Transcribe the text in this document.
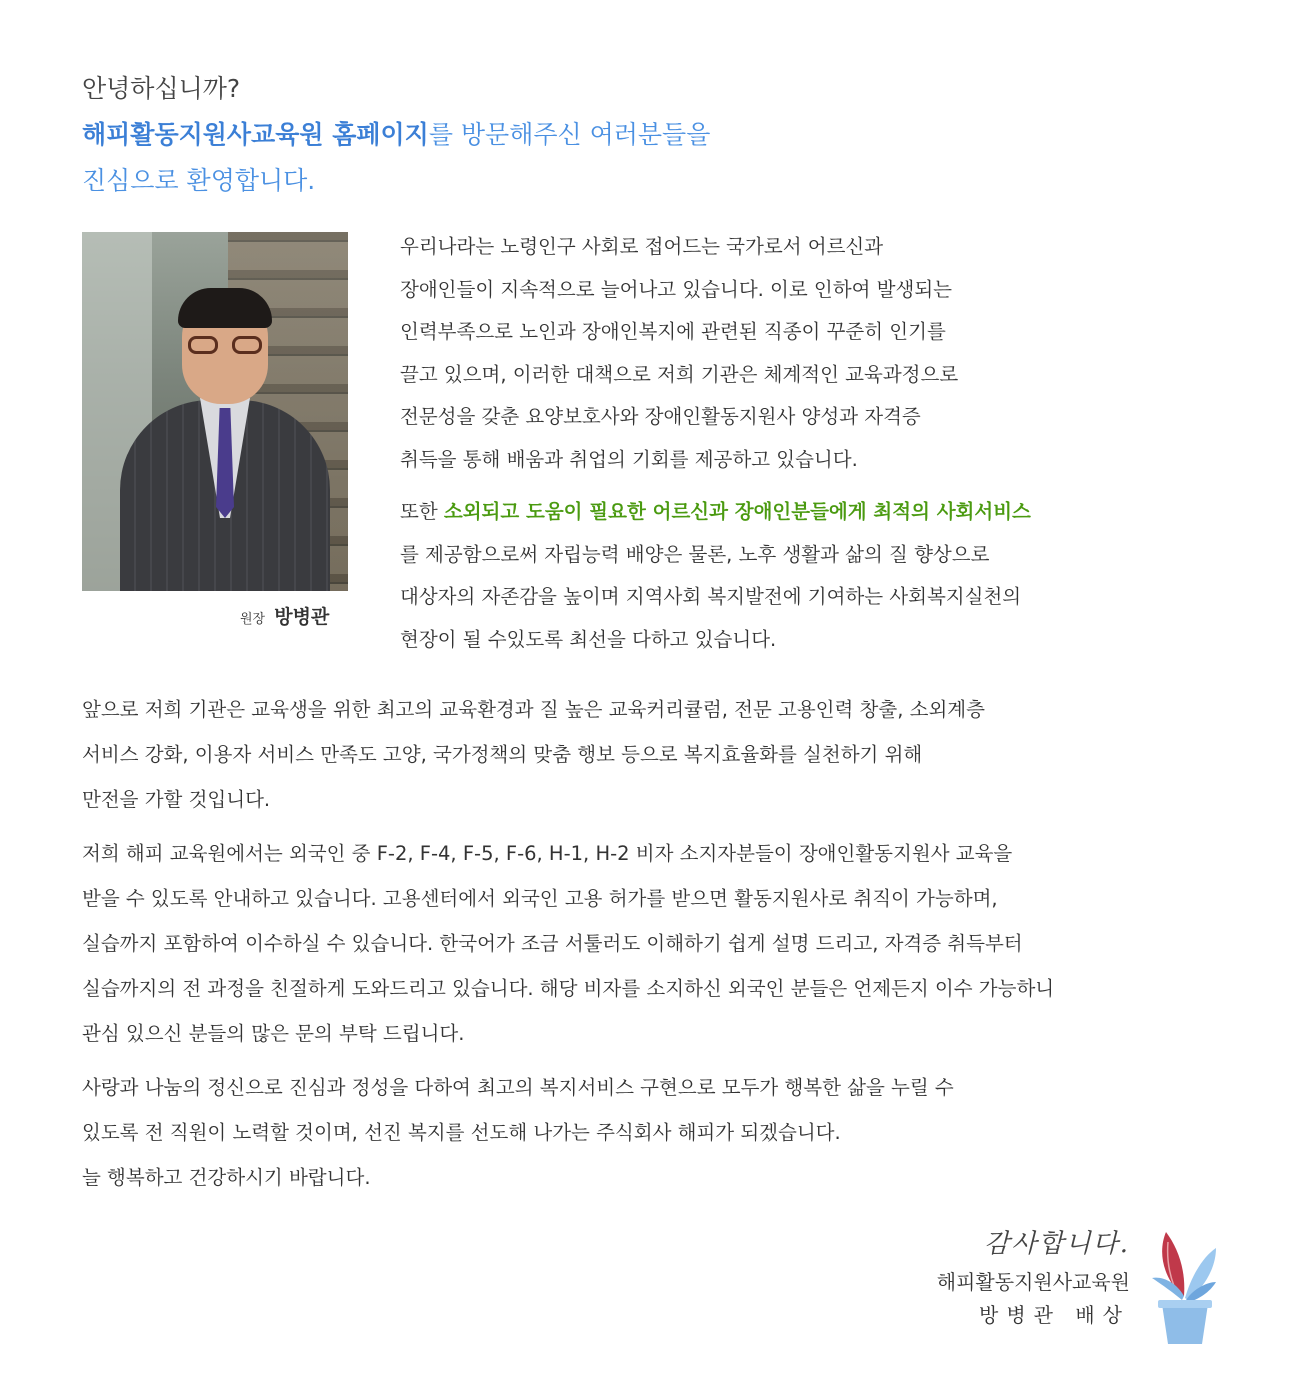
안녕하십니까?
해피활동지원사교육원 홈페이지를 방문해주신 여러분들을
진심으로 환영합니다.
원장 방병관

우리나라는 노령인구 사회로 접어드는 국가로서 어르신과
장애인들이 지속적으로 늘어나고 있습니다. 이로 인하여 발생되는
인력부족으로 노인과 장애인복지에 관련된 직종이 꾸준히 인기를
끌고 있으며, 이러한 대책으로 저희 기관은 체계적인 교육과정으로
전문성을 갖춘 요양보호사와 장애인활동지원사 양성과 자격증
취득을 통해 배움과 취업의 기회를 제공하고 있습니다.

또한 소외되고 도움이 필요한 어르신과 장애인분들에게 최적의 사회서비스
를 제공함으로써 자립능력 배양은 물론, 노후 생활과 삶의 질 향상으로
대상자의 자존감을 높이며 지역사회 복지발전에 기여하는 사회복지실천의
현장이 될 수있도록 최선을 다하고 있습니다.

앞으로 저희 기관은 교육생을 위한 최고의 교육환경과 질 높은 교육커리큘럼, 전문 고용인력 창출, 소외계층
서비스 강화, 이용자 서비스 만족도 고양, 국가정책의 맞춤 행보 등으로 복지효율화를 실천하기 위해
만전을 가할 것입니다.

저희 해피 교육원에서는 외국인 중 F-2, F-4, F-5, F-6, H-1, H-2 비자 소지자분들이 장애인활동지원사 교육을
받을 수 있도록 안내하고 있습니다. 고용센터에서 외국인 고용 허가를 받으면 활동지원사로 취직이 가능하며,
실습까지 포함하여 이수하실 수 있습니다. 한국어가 조금 서툴러도 이해하기 쉽게 설명 드리고, 자격증 취득부터
실습까지의 전 과정을 친절하게 도와드리고 있습니다. 해당 비자를 소지하신 외국인 분들은 언제든지 이수 가능하니
관심 있으신 분들의 많은 문의 부탁 드립니다.

사랑과 나눔의 정신으로 진심과 정성을 다하여 최고의 복지서비스 구현으로 모두가 행복한 삶을 누릴 수
있도록 전 직원이 노력할 것이며, 선진 복지를 선도해 나가는 주식회사 해피가 되겠습니다.
늘 행복하고 건강하시기 바랍니다.

감사합니다.
해피활동지원사교육원
방병관 배상
